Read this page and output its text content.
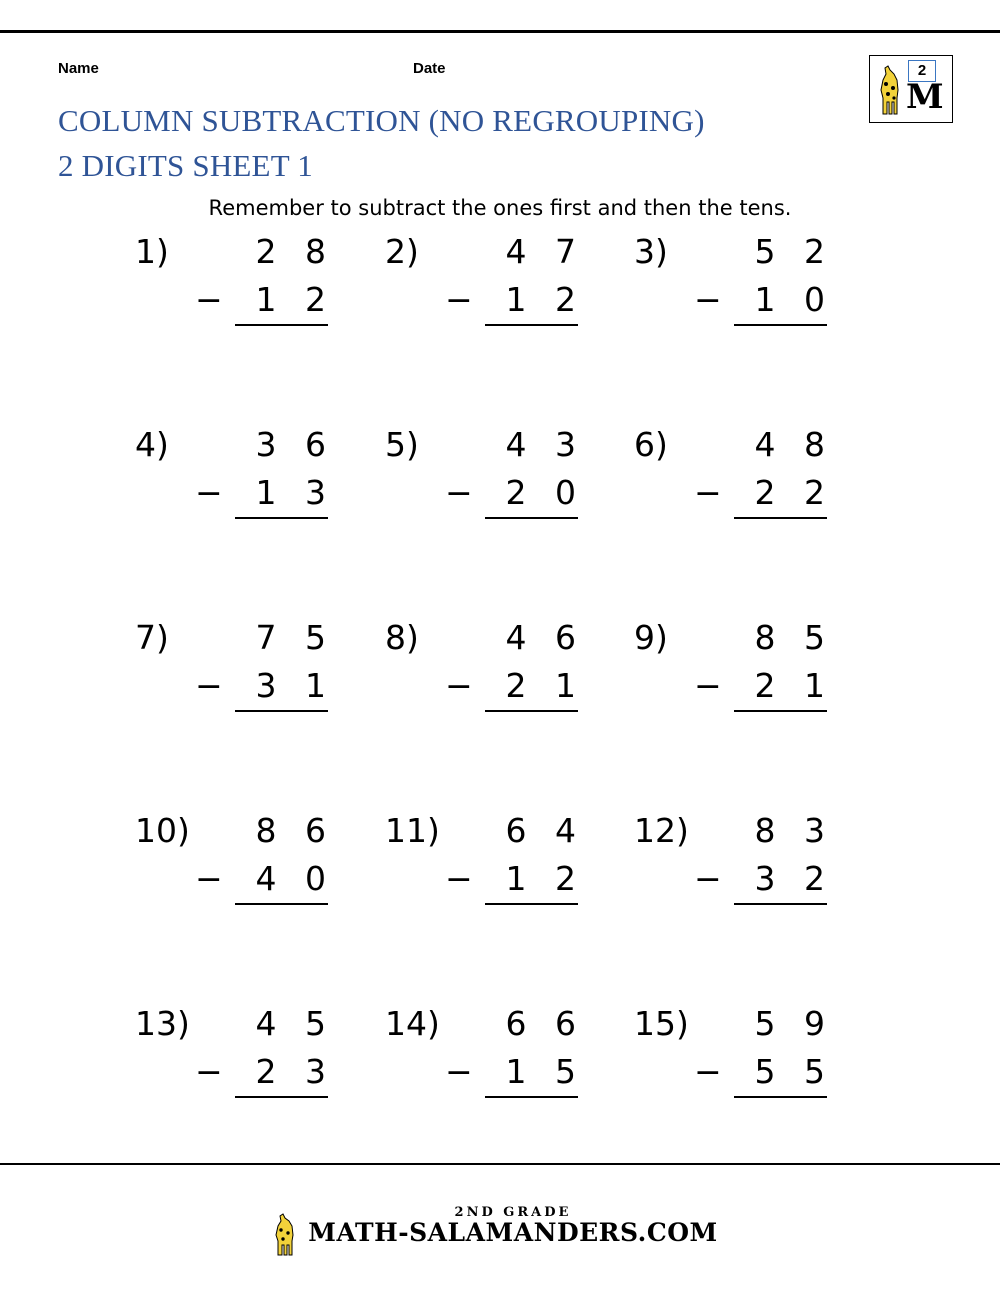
Name	Date
COLUMN SUBTRACTION (NO REGROUPING)
2 DIGITS SHEET 1
Remember to subtract the ones first and then the tens.
2
M
1)	2 8
− 1 2
2)	4 7
− 1 2
3)	5 2
− 1 0
4)	3 6
− 1 3
5)	4 3
− 2 0
6)	4 8
− 2 2
7)	7 5
− 3 1
8)	4 6
− 2 1
9)	8 5
− 2 1
10)	8 6
− 4 0
11)	6 4
− 1 2
12)	8 3
− 3 2
13)	4 5
− 2 3
14)	6 6
− 1 5
15)	5 9
− 5 5
2ND GRADE
MATH-SALAMANDERS.COM
